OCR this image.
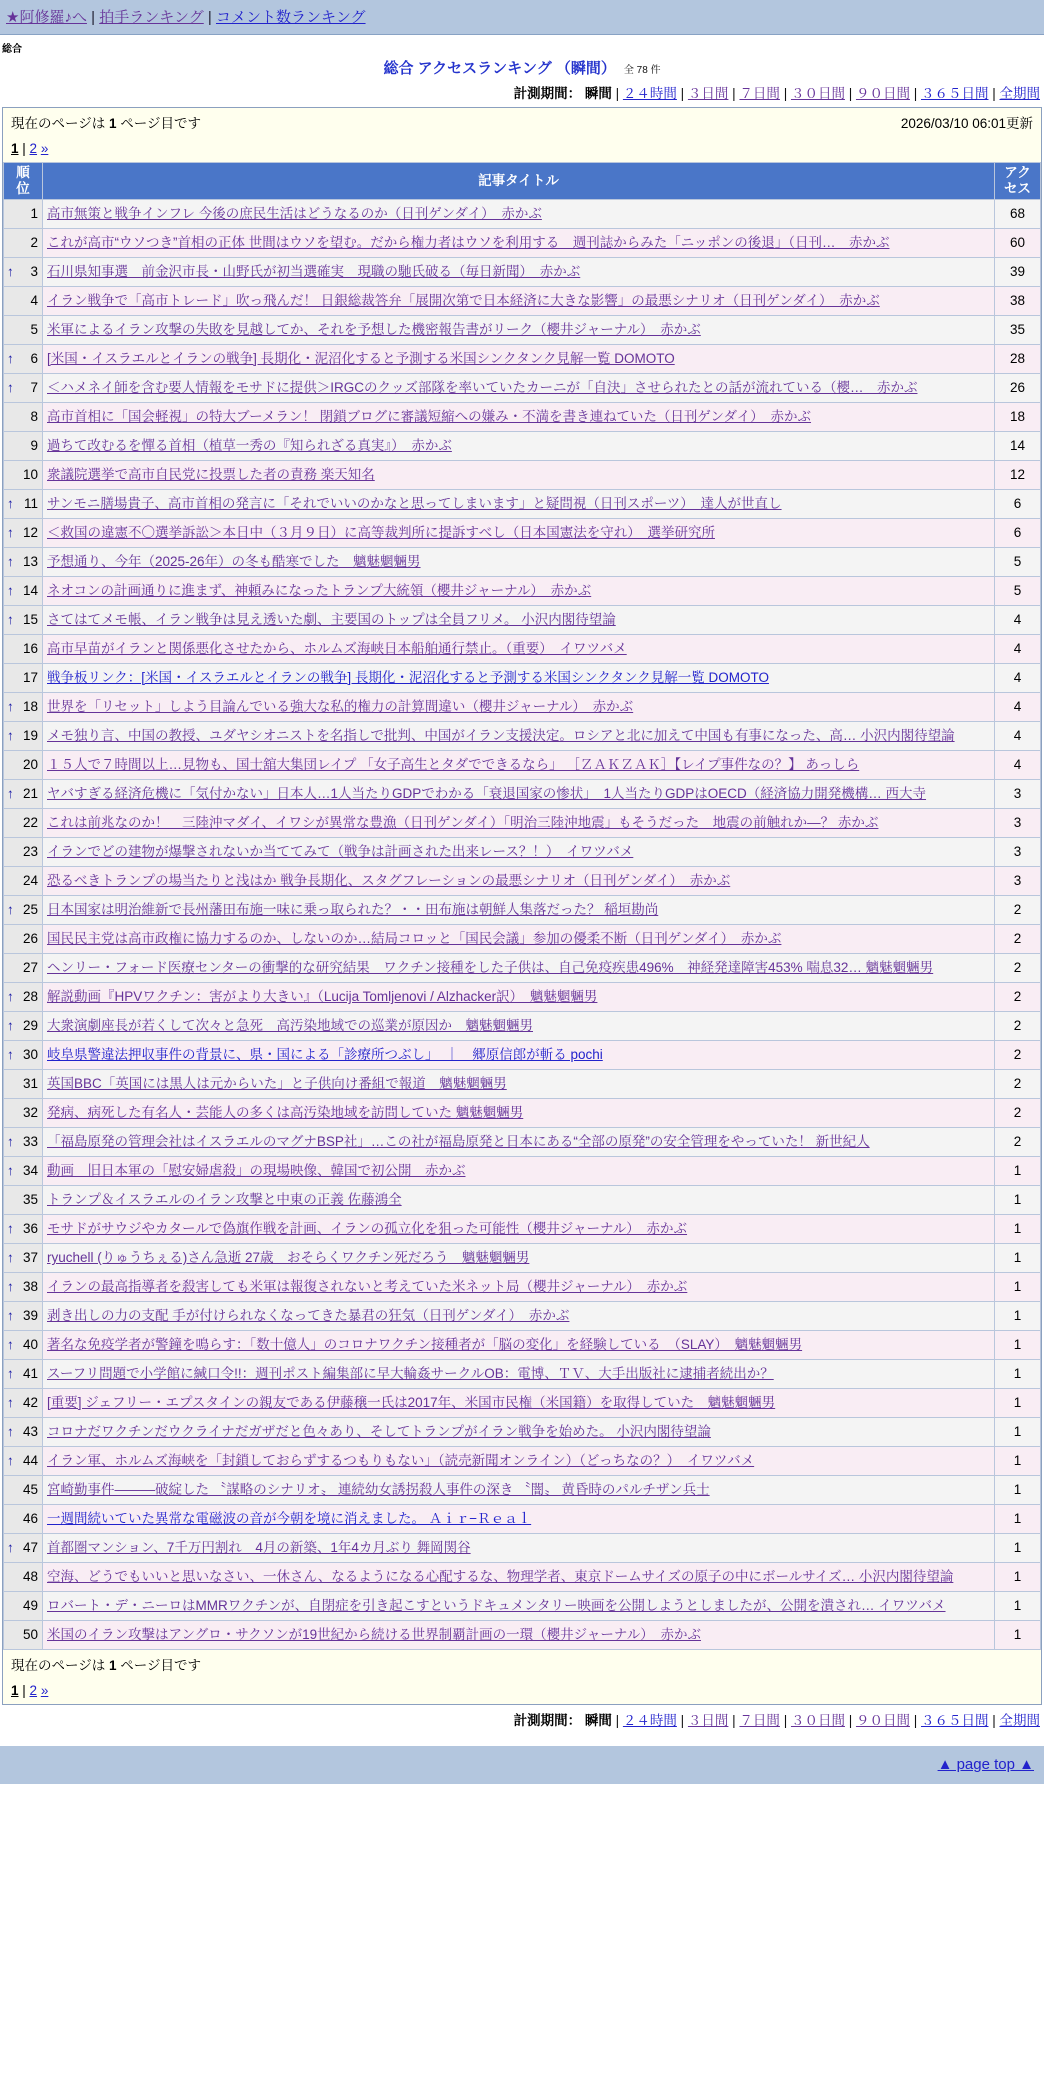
★阿修羅♪へ | 拍手ランキング | コメント数ランキング
総合
総合 アクセスランキング （瞬間） 全 78 件
計測期間： 瞬間 | ２４時間 | ３日間 | ７日間 | ３０日間 | ９０日間 | ３６５日間 | 全期間
現在のページは 1 ページ目です	2026/03/10 06:01更新
1 | 2 »
順
位
	記事タイトル	
アク
セス

1	高市無策と戦争インフレ 今後の庶民生活はどうなるのか（日刊ゲンダイ）　赤かぶ	68

2	これが高市“ウソつき”首相の正体 世間はウソを望む。だから権力者はウソを利用する　週刊誌からみた「ニッポンの後退」（日刊…　赤かぶ	60

↑ 3	石川県知事選　前金沢市長・山野氏が初当選確実　現職の馳氏破る（毎日新聞）　赤かぶ	39

4	イラン戦争で「高市トレード」吹っ飛んだ！ 日銀総裁答弁「展開次第で日本経済に大きな影響」の最悪シナリオ（日刊ゲンダイ）　赤かぶ	38

5	米軍によるイラン攻撃の失敗を見越してか、それを予想した機密報告書がリーク（櫻井ジャーナル）　赤かぶ	35

↑ 6	[米国・イスラエルとイランの戦争] 長期化・泥沼化すると予測する米国シンクタンク見解一覧 DOMOTO	28

↑ 7	＜ハメネイ師を含む要人情報をモサドに提供＞IRGCのクッズ部隊を率いていたカーニが「自決」させられたとの話が流れている（櫻…　赤かぶ	26

8	高市首相に「国会軽視」の特大ブーメラン！ 閉鎖ブログに審議短縮への嫌み・不満を書き連ねていた（日刊ゲンダイ）　赤かぶ	18

9	過ちて改むるを憚る首相（植草一秀の『知られざる真実』）　赤かぶ	14

10	衆議院選挙で高市自民党に投票した者の責務 楽天知名	12

↑ 11	サンモニ膳場貴子、高市首相の発言に「それでいいのかなと思ってしまいます」と疑問視（日刊スポーツ）　達人が世直し	6

↑ 12	＜救国の違憲不〇選挙訴訟＞本日中（３月９日）に高等裁判所に提訴すべし（日本国憲法を守れ）　選挙研究所	6

↑ 13	予想通り、今年（2025-26年）の冬も酷寒でした　魑魅魍魎男	5

↑ 14	ネオコンの計画通りに進まず、神頼みになったトランプ大統領（櫻井ジャーナル）　赤かぶ	5

↑ 15	さてはてメモ帳、イラン戦争は見え透いた劇、主要国のトップは全員フリメ。 小沢内閣待望論	4

16	高市早苗がイランと関係悪化させたから、ホルムズ海峡日本船舶通行禁止。（重要）　イワツバメ	4

17	戦争板リンク：[米国・イスラエルとイランの戦争] 長期化・泥沼化すると予測する米国シンクタンク見解一覧 DOMOTO	4

↑ 18	世界を「リセット」しよう目論んでいる強大な私的権力の計算間違い（櫻井ジャーナル）　赤かぶ	4

↑ 19	メモ独り言、中国の教授、ユダヤシオニストを名指しで批判、中国がイラン支援決定。ロシアと北に加えて中国も有事になった、高… 小沢内閣待望論	4

20	１５人で７時間以上…見物も、国士舘大集団レイプ 「女子高生とタダでできるなら」 ［ＺＡＫＺＡＫ］【レイプ事件なの？】 あっしら	4

↑ 21	ヤバすぎる経済危機に「気付かない」日本人…1人当たりGDPでわかる「衰退国家の惨状」　1人当たりGDPはOECD（経済協力開発機構… 西大寺	3

22	これは前兆なのか！　三陸沖マダイ、イワシが異常な豊漁（日刊ゲンダイ）「明治三陸沖地震」もそうだった　地震の前触れか―？ 赤かぶ	3

23	イランでどの建物が爆撃されないか当ててみて（戦争は計画された出来レース？！）　イワツバメ	3

24	恐るべきトランプの場当たりと浅はか 戦争長期化、スタグフレーションの最悪シナリオ（日刊ゲンダイ）　赤かぶ	3

↑ 25	日本国家は明治維新で長州藩田布施一味に乗っ取られた？・・田布施は朝鮮人集落だった？ 稲垣勘尚	2

26	国民民主党は高市政権に協力するのか、しないのか…結局コロッと「国民会議」参加の優柔不断（日刊ゲンダイ）　赤かぶ	2

27	ヘンリー・フォード医療センターの衝撃的な研究結果　ワクチン接種をした子供は、自己免疫疾患496%　神経発達障害453% 喘息32… 魑魅魍魎男	2

↑ 28	解説動画『HPVワクチン：害がより大きい』（Lucija Tomljenovi / Alzhacker訳）　魑魅魍魎男	2

↑ 29	大衆演劇座長が若くして次々と急死　高汚染地域での巡業が原因か　魑魅魍魎男	2

↑ 30	岐阜県警違法押収事件の背景に、県・国による「診療所つぶし」　｜　郷原信郎が斬る pochi	2

31	英国BBC「英国には黒人は元からいた」と子供向け番組で報道　魑魅魍魎男	2

32	発病、病死した有名人・芸能人の多くは高汚染地域を訪問していた 魑魅魍魎男	2

↑ 33	「福島原発の管理会社はイスラエルのマグナBSP社」…この社が福島原発と日本にある“全部の原発”の安全管理をやっていた！ 新世紀人	2

↑ 34	動画　旧日本軍の「慰安婦虐殺」の現場映像、韓国で初公開　赤かぶ	1

35	トランプ＆イスラエルのイラン攻撃と中東の正義 佐藤鴻全	1

↑ 36	モサドがサウジやカタールで偽旗作戦を計画、イランの孤立化を狙った可能性（櫻井ジャーナル）　赤かぶ	1

↑ 37	ryuchell (りゅうちぇる)さん急逝 27歳　おそらくワクチン死だろう　魑魅魍魎男	1

↑ 38	イランの最高指導者を殺害しても米軍は報復されないと考えていた米ネット局（櫻井ジャーナル）　赤かぶ	1

↑ 39	剥き出しの力の支配 手が付けられなくなってきた暴君の狂気（日刊ゲンダイ）　赤かぶ	1

↑ 40	著名な免疫学者が警鐘を鳴らす：「数十億人」のコロナワクチン接種者が「脳の変化」を経験している　（SLAY）　魑魅魍魎男	1

↑ 41	スーフリ問題で小学館に緘口令!!：週刊ポスト編集部に早大輪姦サークルOB：電博、ＴＶ、大手出版社に逮捕者続出か？	1

↑ 42	[重要] ジェフリー・エプスタインの親友である伊藤穣一氏は2017年、米国市民権（米国籍）を取得していた　魑魅魍魎男	1

↑ 43	コロナだワクチンだウクライナだガザだと色々あり、そしてトランプがイラン戦争を始めた。 小沢内閣待望論	1

↑ 44	イラン軍、ホルムズ海峡を「封鎖しておらずするつもりもない」（読売新聞オンライン）（どっちなの？）　イワツバメ	1

45	宮崎勤事件―――破綻した 〝謀略のシナリオ〟 連続幼女誘拐殺人事件の深き 〝闇〟 黄昏時のパルチザン兵士	1

46	一週間続いていた異常な電磁波の音が今朝を境に消えました。 Ａｉｒ−Ｒｅａｌ	1

↑ 47	首都圏マンション、7千万円割れ　4月の新築、1年4カ月ぶり 舞岡関谷	1

48	空海、どうでもいいと思いなさい、一休さん、なるようになる心配するな、物理学者、東京ドームサイズの原子の中にボールサイズ… 小沢内閣待望論	1

49	ロバート・デ・ニーロはMMRワクチンが、自閉症を引き起こすというドキュメンタリー映画を公開しようとしましたが、公開を潰され… イワツバメ	1

50	米国のイラン攻撃はアングロ・サクソンが19世紀から続ける世界制覇計画の一環（櫻井ジャーナル）　赤かぶ	1
現在のページは 1 ページ目です
1 | 2 »
計測期間： 瞬間 | ２４時間 | ３日間 | ７日間 | ３０日間 | ９０日間 | ３６５日間 | 全期間
▲ page top ▲
